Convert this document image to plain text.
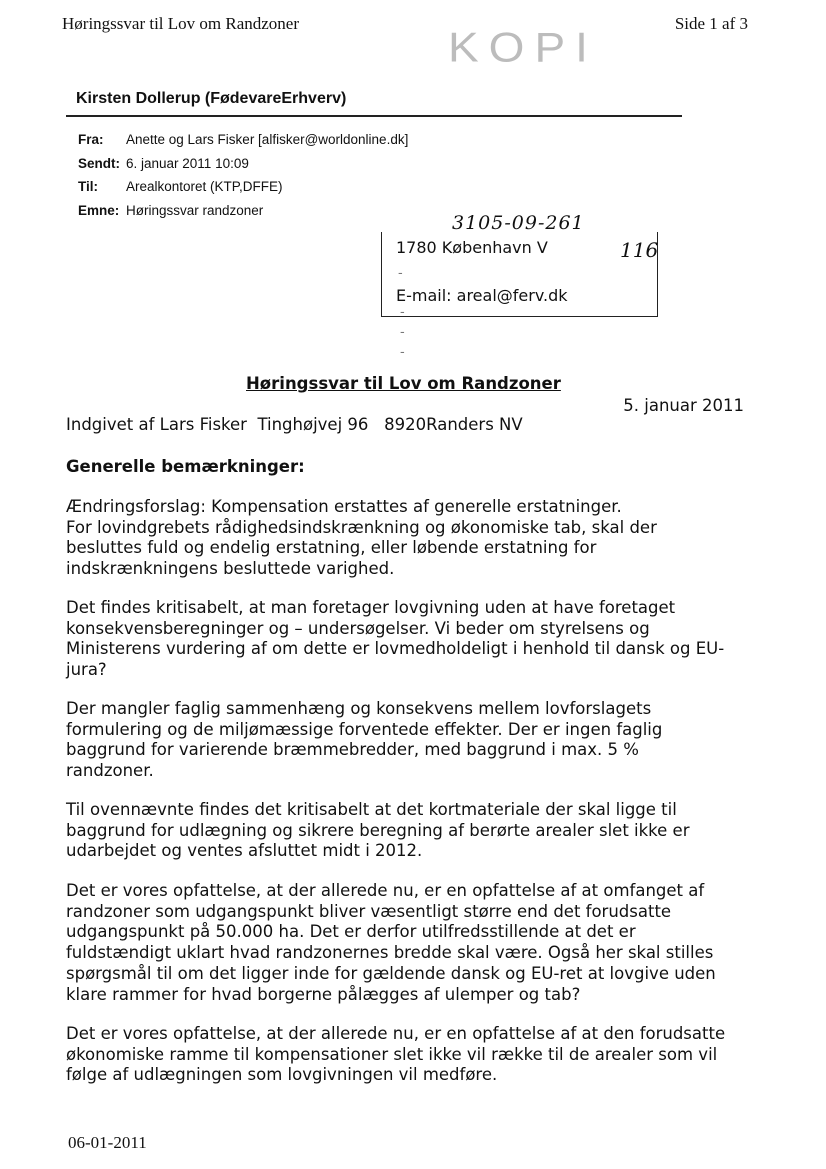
Høringssvar til Lov om Randzoner	Side 1 af 3
KOPI
Kirsten Dollerup (FødevareErhverv)
Fra:	Anette og Lars Fisker [alfisker@worldonline.dk]
Sendt: 6. januar 2011 10:09
Til:	Arealkontoret (KTP,DFFE)
Emne: Høringssvar randzoner
3105-09-261
1780 København V	116
-
E-mail: areal@ferv.dk
-
-
-
Høringssvar til Lov om Randzoner
5. januar 2011
Indgivet af Lars Fisker  Tinghøjvej 96   8920Randers NV
Generelle bemærkninger:
Ændringsforslag: Kompensation erstattes af generelle erstatninger.
For lovindgrebets rådighedsindskrænkning og økonomiske tab, skal der
besluttes fuld og endelig erstatning, eller løbende erstatning for
indskrænkningens besluttede varighed.
Det findes kritisabelt, at man foretager lovgivning uden at have foretaget
konsekvensberegninger og – undersøgelser. Vi beder om styrelsens og
Ministerens vurdering af om dette er lovmedholdeligt i henhold til dansk og EU-
jura?
Der mangler faglig sammenhæng og konsekvens mellem lovforslagets
formulering og de miljømæssige forventede effekter. Der er ingen faglig
baggrund for varierende bræmmebredder, med baggrund i max. 5 %
randzoner.
Til ovennævnte findes det kritisabelt at det kortmateriale der skal ligge til
baggrund for udlægning og sikrere beregning af berørte arealer slet ikke er
udarbejdet og ventes afsluttet midt i 2012.
Det er vores opfattelse, at der allerede nu, er en opfattelse af at omfanget af
randzoner som udgangspunkt bliver væsentligt større end det forudsatte
udgangspunkt på 50.000 ha. Det er derfor utilfredsstillende at det er
fuldstændigt uklart hvad randzonernes bredde skal være. Også her skal stilles
spørgsmål til om det ligger inde for gældende dansk og EU-ret at lovgive uden
klare rammer for hvad borgerne pålægges af ulemper og tab?
Det er vores opfattelse, at der allerede nu, er en opfattelse af at den forudsatte
økonomiske ramme til kompensationer slet ikke vil række til de arealer som vil
følge af udlægningen som lovgivningen vil medføre.
06-01-2011
